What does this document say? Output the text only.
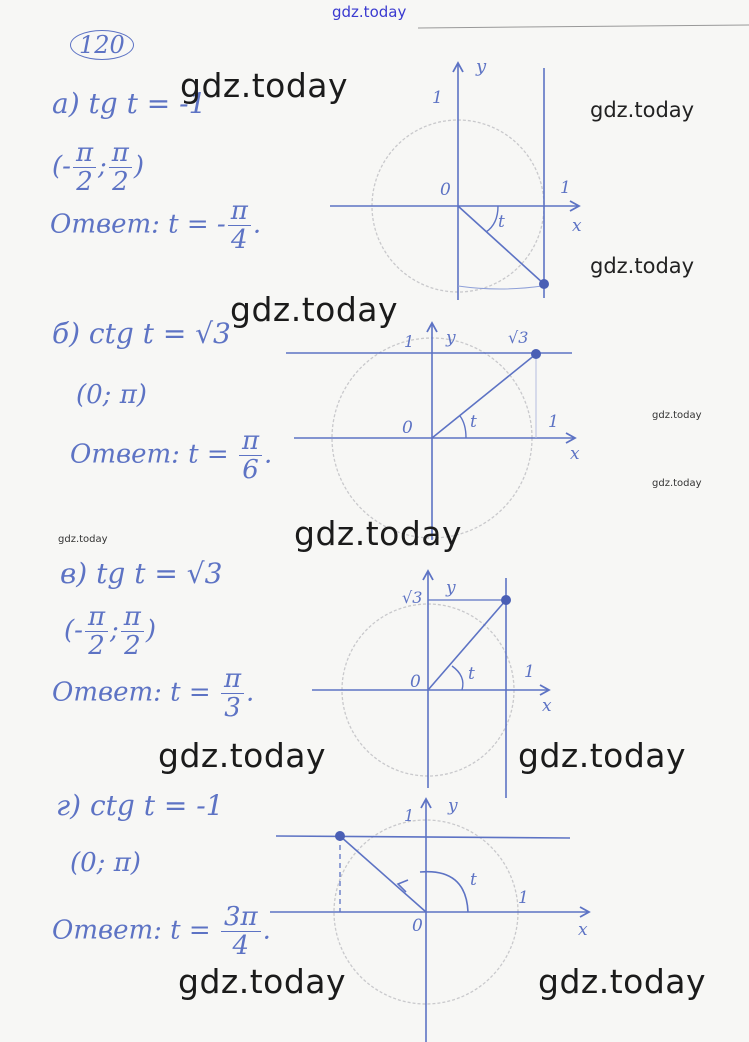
y
1
0	1
x
t
y
1	√3
0	t	1
x
y
√3
0	t	1
x
y
1
t
1
0	x
120
а) tg t = -1
(- $\frac{\pi}{2}$ ; $\frac{\pi}{2}$ )
Ответ: t = - $\frac{\pi}{4}$ .
б) ctg t = √3
(0; π)
Ответ: $t = \frac{\pi}{6}$ .
в) tg t = √3
(- $\frac{\pi}{2}$ ; $\frac{\pi}{2}$ )
Ответ: $t = \frac{\pi}{3}$ .
г) ctg t = -1
(0; π)
Ответ: $t = \frac{3\pi}{4}$ .
gdz.today
gdz.today
gdz.today
gdz.today
gdz.today
gdz.today
gdz.today
gdz.today
gdz.today
gdz.today	gdz.today
gdz.today	gdz.today
